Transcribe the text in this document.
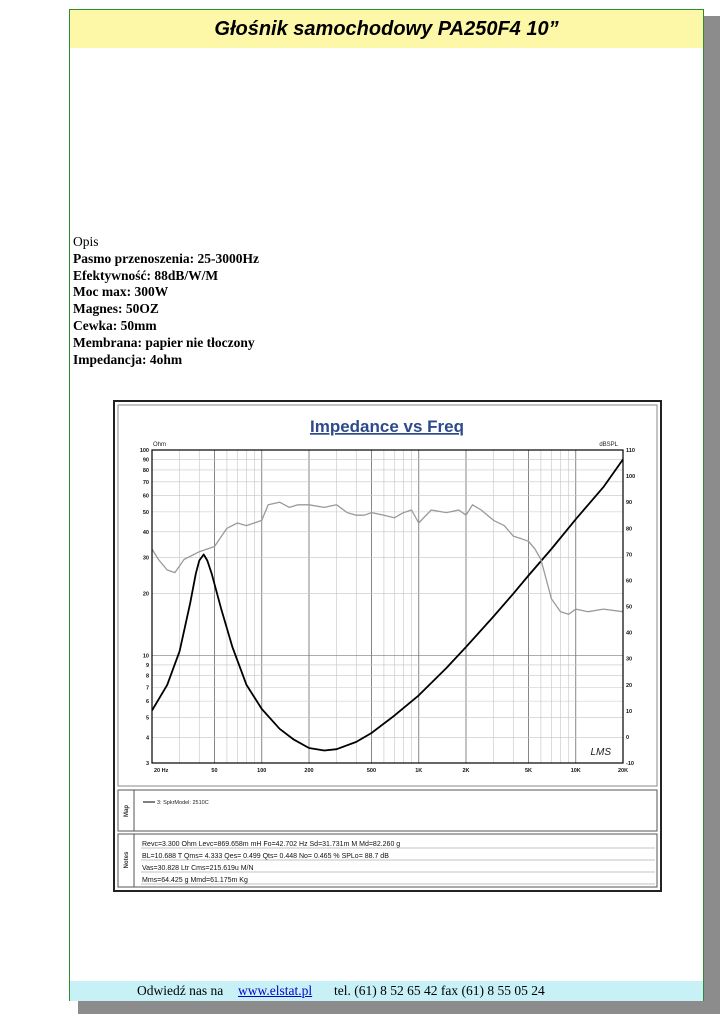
Głośnik samochodowy PA250F4 10”
Opis
Pasmo przenoszenia: 25-3000Hz
Efektywność: 88dB/W/M
Moc max: 300W
Magnes: 50OZ
Cewka: 50mm
Membrana: papier nie tłoczony
Impedancja: 4ohm
Impedance vs Freq
Ohm	dBSPL
20 Hz	50	100	200	500	1K	2K	5K	10K	20K
100
90
80
70
60
50
40
30
20
10
9
8
7
6
5
4
3
110
100
90
80
70
60
50
40
30
20
10
0
-10
LMS
Map
3: SpkrModel: 2510C
Notes
Revc=3.300 Ohm Levc=869.658m mH Fo=42.702 Hz Sd=31.731m M Md=82.260 g
BL=10.688 T Qms= 4.333 Qes= 0.499 Qts= 0.448 No= 0.465 % SPLo= 88.7 dB
Vas=30.828 Ltr Cms=215.619u M/N
Mms=64.425 g Mmd=61.175m Kg
Odwiedź nas na www.elstat.pl tel. (61) 8 52 65 42 fax (61) 8 55 05 24
